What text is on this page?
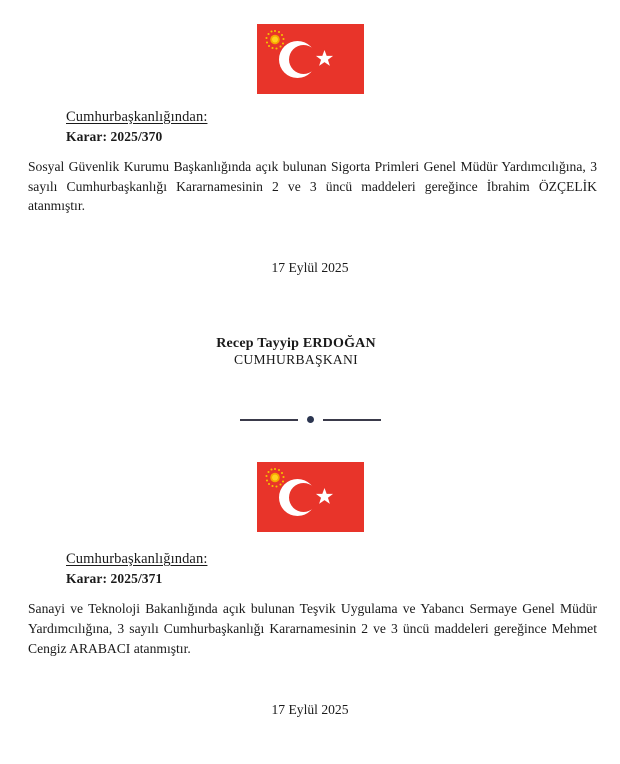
Cumhurbaşkanlığından:

Karar: 2025/370

Sosyal Güvenlik Kurumu Başkanlığında açık bulunan Sigorta Primleri Genel Müdür Yardımcılığına, 3 sayılı Cumhurbaşkanlığı Kararnamesinin 2 ve 3 üncü maddeleri gereğince İbrahim ÖZÇELİK atanmıştır.

17 Eylül 2025

Recep Tayyip ERDOĞAN

CUMHURBAŞKANI

Cumhurbaşkanlığından:

Karar: 2025/371

Sanayi ve Teknoloji Bakanlığında açık bulunan Teşvik Uygulama ve Yabancı Sermaye Genel Müdür Yardımcılığına, 3 sayılı Cumhurbaşkanlığı Kararnamesinin 2 ve 3 üncü maddeleri gereğince Mehmet Cengiz ARABACI atanmıştır.

17 Eylül 2025
